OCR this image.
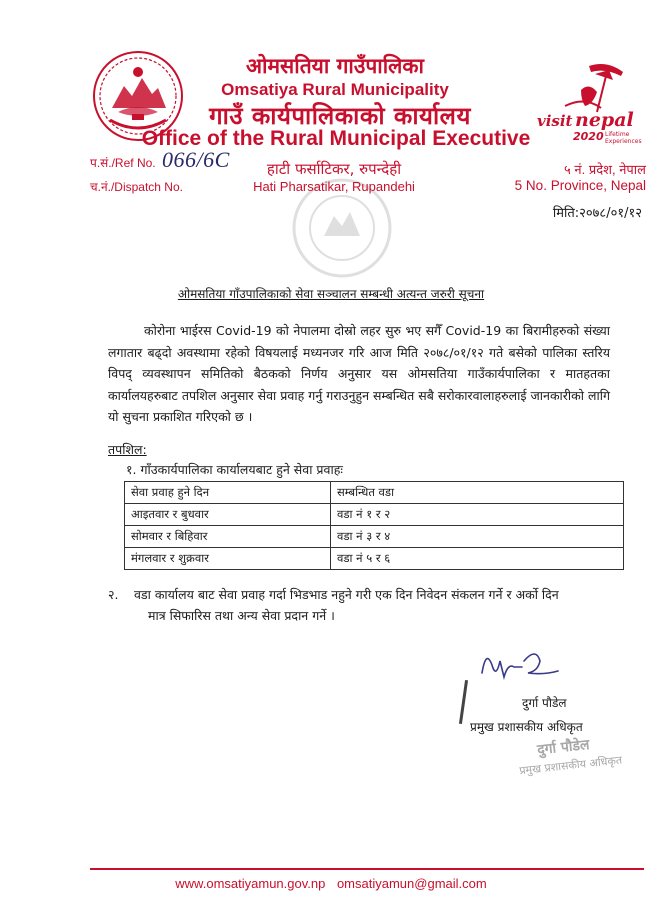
visit nepal
2020 Lifetime
Experiences
ओमसतिया गाउँपालिका
Omsatiya Rural Municipality
गाउँ कार्यपालिकाको कार्यालय
Office of the Rural Municipal Executive
हाटी फर्साटिकर, रुपन्देही
Hati Pharsatikar, Rupandehi
प.सं./Ref No. 066/6C
च.नं./Dispatch No.
५ नं. प्रदेश, नेपाल
5 No. Province, Nepal
मिति:२०७८/०१/१२
ओमसतिया गाँउपालिकाको सेवा सञ्चालन सम्बन्धी अत्यन्त जरुरी सूचना

कोरोना भाईरस Covid-19 को नेपालमा दोस्रो लहर सुरु भए सगैँ Covid-19 का बिरामीहरुको संख्या लगातार बढ्दो अवस्थामा रहेको विषयलाई मध्यनजर गरि आज मिति २०७८/०१/१२ गते बसेको पालिका स्तरिय विपद् व्यवस्थापन समितिको बैठकको निर्णय अनुसार यस ओमसतिया गाउँकार्यपालिका र मातहतका कार्यालयहरुबाट तपशिल अनुसार सेवा प्रवाह गर्नु गराउनुहुन सम्बन्धित सबै सरोकारवालाहरुलाई जानकारीको लागि यो सुचना प्रकाशित गरिएको छ ।

तपशिल:
१. गाँउकार्यपालिका कार्यालयबाट हुने सेवा प्रवाहः
सेवा प्रवाह हुने दिन	सम्बन्धित वडा
आइतवार र बुधवार	वडा नं १ र २
सोमवार र बिहिवार	वडा नं ३ र ४
मंगलवार र शुक्रवार	वडा नं ५ र ६
२. वडा कार्यालय बाट सेवा प्रवाह गर्दा भिडभाड नहुने गरी एक दिन निवेदन संकलन गर्ने र अर्को दिन
मात्र सिफारिस तथा अन्य सेवा प्रदान गर्ने ।
दुर्गा पौडेल
प्रमुख प्रशासकीय अधिकृत
दुर्गा पौडेल
प्रमुख प्रशासकीय अधिकृत
www.omsatiyamun.gov.np omsatiyamun@gmail.com
